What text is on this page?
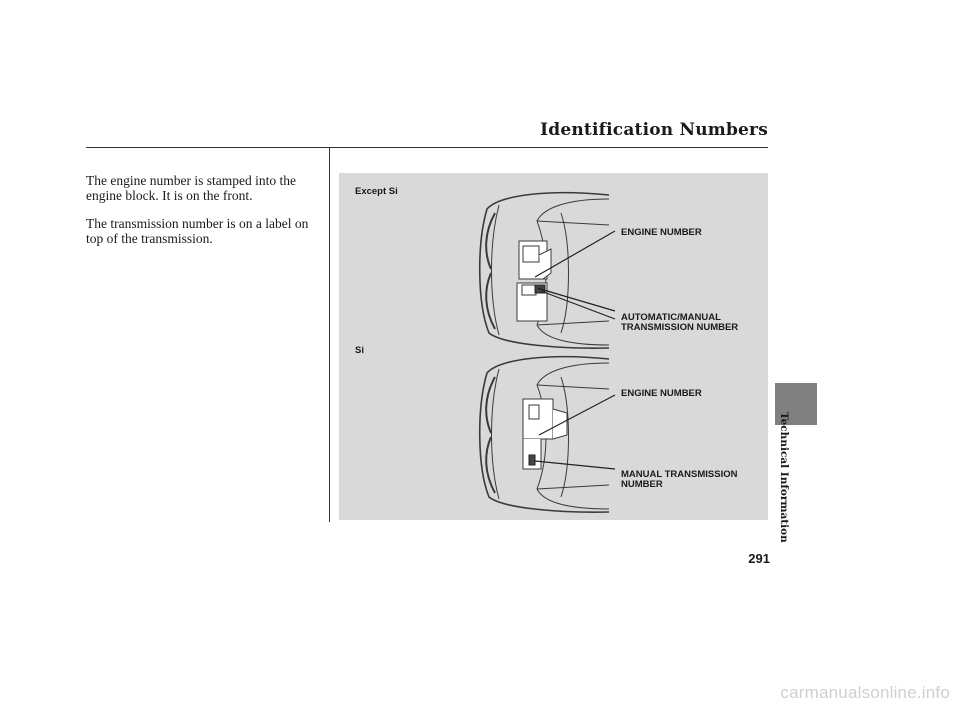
Identification Numbers

The engine number is stamped into the engine block. It is on the front.

The transmission number is on a label on top of the transmission.

Except Si
ENGINE NUMBER
AUTOMATIC/MANUAL
TRANSMISSION NUMBER
Si
ENGINE NUMBER
MANUAL TRANSMISSION
NUMBER	Technical Information
291
carmanualsonline.info
